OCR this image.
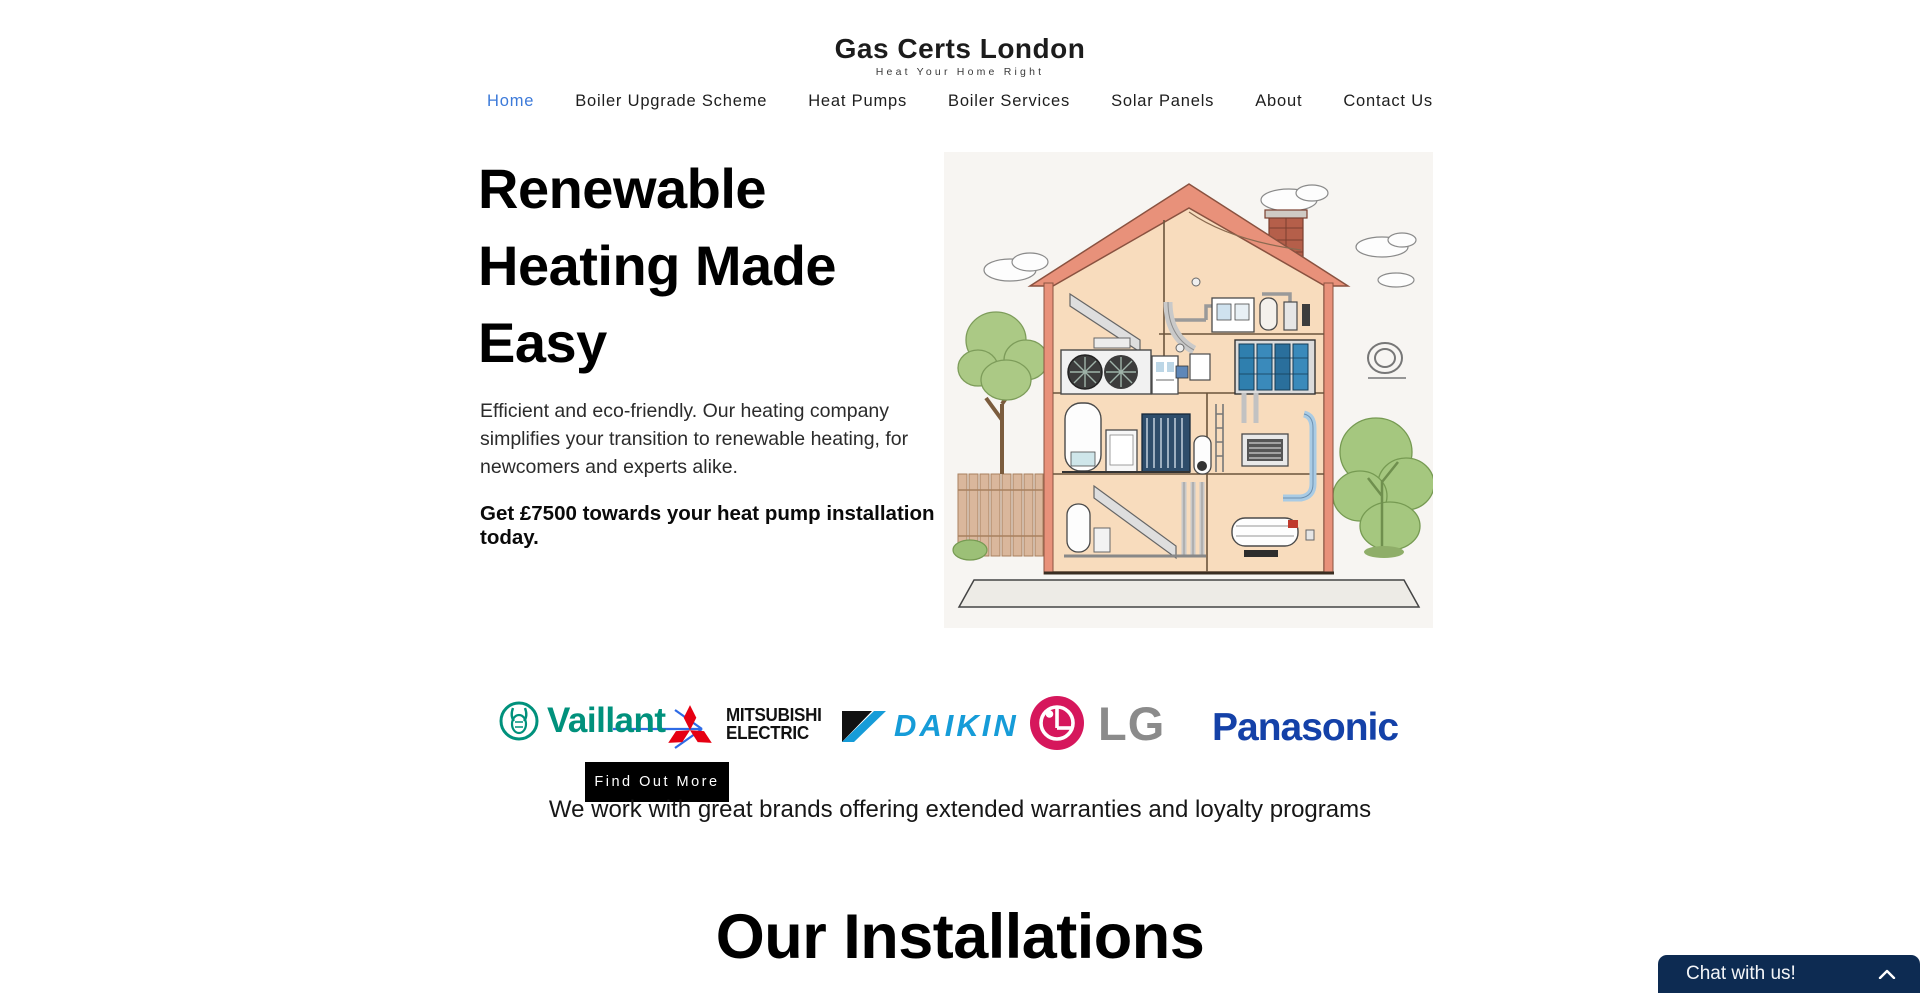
Gas Certs London
Heat Your Home Right
Home Boiler Upgrade Scheme Heat Pumps Boiler Services Solar Panels About Contact Us
Renewable
Heating Made
Easy

Efficient and eco-friendly. Our heating company simplifies your transition to renewable heating, for newcomers and experts alike.

Get £7500 towards your heat pump installation today.

Find Out More
Vaillant	MITSUBISHI
ELECTRIC	DAIKIN LG Panasonic
We work with great brands offering extended warranties and loyalty programs
Our Installations
Chat with us!
